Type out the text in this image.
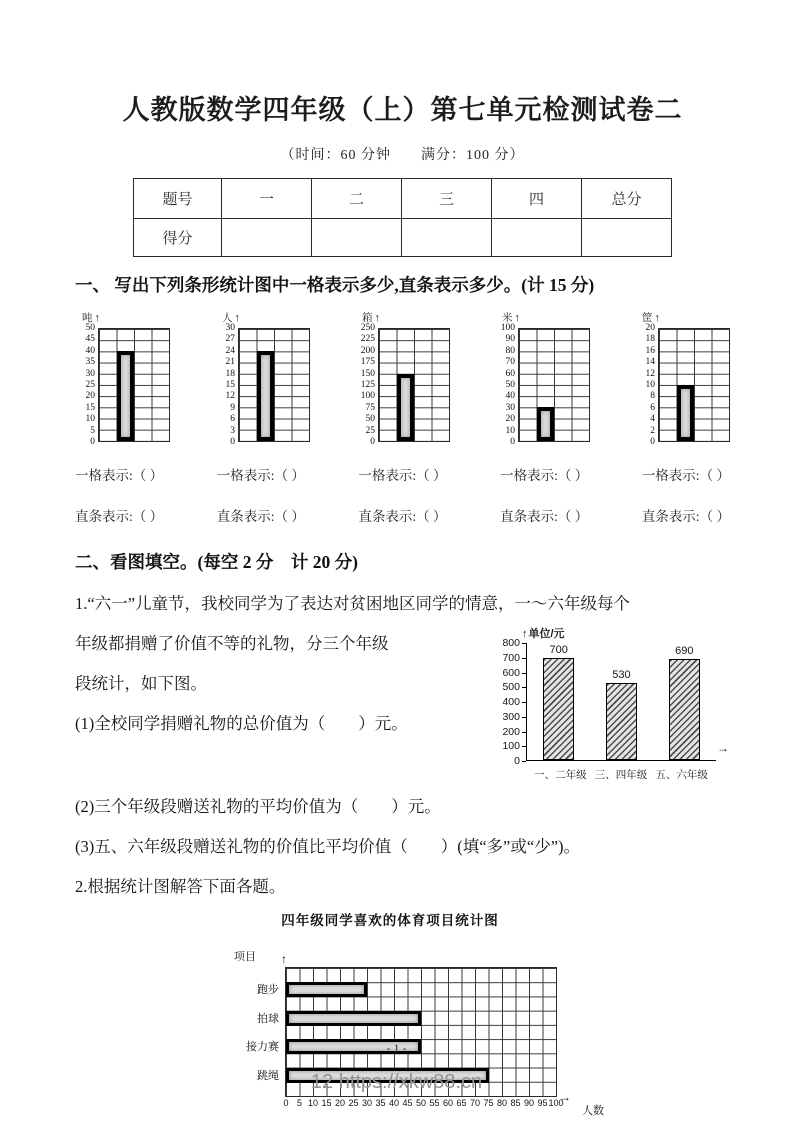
人教版数学四年级（上）第七单元检测试卷二
（时间：60 分钟　　满分：100 分）
题号	一	二	三	四	总分
得分					
一、 写出下列条形统计图中一格表示多少,直条表示多少。(计 15 分)
吨 ↑
50
45
40
35
30
25
20
15
10
5
0
人 ↑
30
27
24
21
18
15
12
9
6
3
0
箱 ↑
250
225
200
175
150
125
100
75
50
25
0
米 ↑
100
90
80
70
60
50
40
30
20
10
0
筐 ↑
20
18
16
14
12
10
8
6
4
2
0
一格表示:（ ）	一格表示:（ ）	一格表示:（ ）	一格表示:（ ）	一格表示:（ ）
直条表示:（ ）	直条表示:（ ）	直条表示:（ ）	直条表示:（ ）	直条表示:（ ）
二、看图填空。(每空 2 分　计 20 分)
1.“六一”儿童节，我校同学为了表达对贫困地区同学的情意，一～六年级每个
↑ 单位/元
800
700
600
500
400
300
200
100
0
→
700
530
690
一、二年级 三、四年级 五、六年级
年级都捐赠了价值不等的礼物，分三个年级
段统计，如下图。
(1)全校同学捐赠礼物的总价值为（　　）元。
(2)三个年级段赠送礼物的平均价值为（　　）元。
(3)五、六年级段赠送礼物的价值比平均价值（　　）(填“多”或“少”)。
2.根据统计图解答下面各题。
四年级同学喜欢的体育项目统计图
项目 ↑
→
人数
跑步
拍球
接力赛
跳绳
0 5 10 15 20 25 30 35 40 45 50 55 60 65 70 75 80 85 90 95 100
- 1 -
12 https://xkw88.cn
